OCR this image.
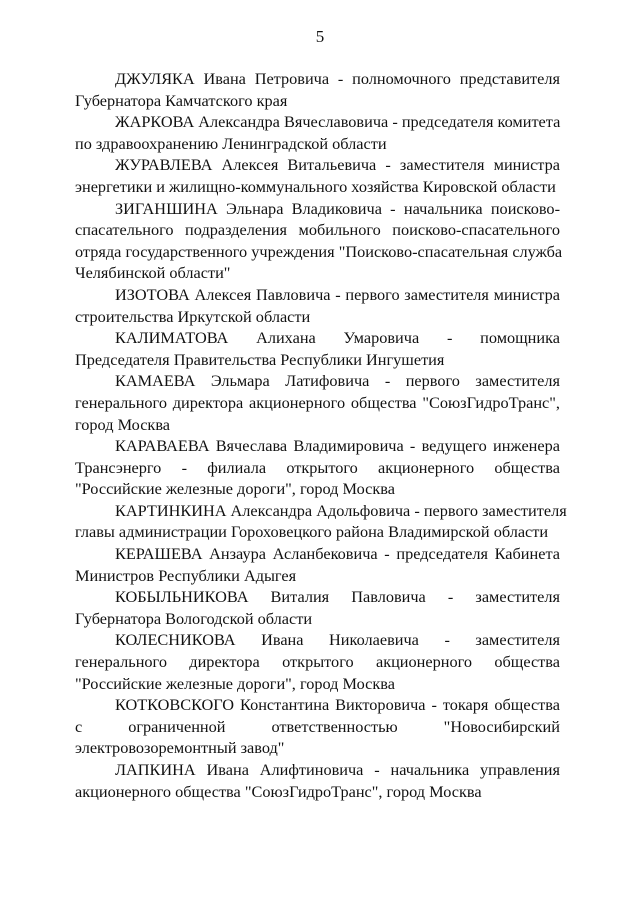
5

ДЖУЛЯКА Ивана Петровича - полномочного представителя
Губернатора Камчатского края

ЖАРКОВА Александра Вячеславовича - председателя комитета
по здравоохранению Ленинградской области

ЖУРАВЛЕВА Алексея Витальевича - заместителя министра
энергетики и жилищно-коммунального хозяйства Кировской области

ЗИГАНШИНА Эльнара Владиковича - начальника поисково-
спасательного подразделения мобильного поисково-спасательного
отряда государственного учреждения "Поисково-спасательная служба
Челябинской области"

ИЗОТОВА Алексея Павловича - первого заместителя министра
строительства Иркутской области

КАЛИМАТОВА Алихана Умаровича - помощника
Председателя Правительства Республики Ингушетия

КАМАЕВА Эльмара Латифовича - первого заместителя
генерального директора акционерного общества "СоюзГидроТранс",
город Москва

КАРАВАЕВА Вячеслава Владимировича - ведущего инженера
Трансэнерго - филиала открытого акционерного общества
"Российские железные дороги", город Москва

КАРТИНКИНА Александра Адольфовича - первого заместителя
главы администрации Гороховецкого района Владимирской области

КЕРАШЕВА Анзаура Асланбековича - председателя Кабинета
Министров Республики Адыгея

КОБЫЛЬНИКОВА Виталия Павловича - заместителя
Губернатора Вологодской области

КОЛЕСНИКОВА Ивана Николаевича - заместителя
генерального директора открытого акционерного общества
"Российские железные дороги", город Москва

КОТКОВСКОГО Константина Викторовича - токаря общества
с ограниченной ответственностью "Новосибирский
электровозоремонтный завод"

ЛАПКИНА Ивана Алифтиновича - начальника управления
акционерного общества "СоюзГидроТранс", город Москва
